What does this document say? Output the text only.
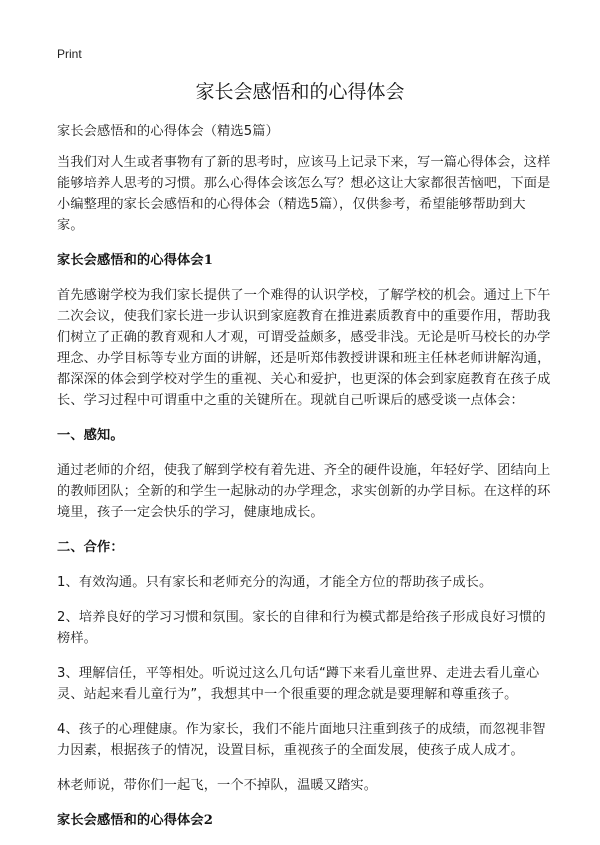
Print
家长会感悟和的心得体会

家长会感悟和的心得体会（精选5篇）

当我们对人生或者事物有了新的思考时，应该马上记录下来，写一篇心得体会，这样能够培养人思考的习惯。那么心得体会该怎么写？想必这让大家都很苦恼吧，下面是小编整理的家长会感悟和的心得体会（精选5篇），仅供参考，希望能够帮助到大家。

家长会感悟和的心得体会1

首先感谢学校为我们家长提供了一个难得的认识学校，了解学校的机会。通过上下午二次会议，使我们家长进一步认识到家庭教育在推进素质教育中的重要作用，帮助我们树立了正确的教育观和人才观，可谓受益颇多，感受非浅。无论是听马校长的办学理念、办学目标等专业方面的讲解，还是听郑伟教授讲课和班主任林老师讲解沟通，都深深的体会到学校对学生的重视、关心和爱护，也更深的体会到家庭教育在孩子成长、学习过程中可谓重中之重的关键所在。现就自己听课后的感受谈一点体会：

一、感知。

通过老师的介绍，使我了解到学校有着先进、齐全的硬件设施，年轻好学、团结向上的教师团队；全新的和学生一起脉动的办学理念，求实创新的办学目标。在这样的环境里，孩子一定会快乐的学习，健康地成长。

二、合作：

1、有效沟通。只有家长和老师充分的沟通，才能全方位的帮助孩子成长。

2、培养良好的学习习惯和氛围。家长的自律和行为模式都是给孩子形成良好习惯的榜样。

3、理解信任，平等相处。听说过这么几句话“蹲下来看儿童世界、走进去看儿童心灵、站起来看儿童行为”，我想其中一个很重要的理念就是要理解和尊重孩子。

4、孩子的心理健康。作为家长，我们不能片面地只注重到孩子的成绩，而忽视非智力因素，根据孩子的情况，设置目标，重视孩子的全面发展，使孩子成人成才。

林老师说，带你们一起飞，一个不掉队，温暖又踏实。

家长会感悟和的心得体会2
